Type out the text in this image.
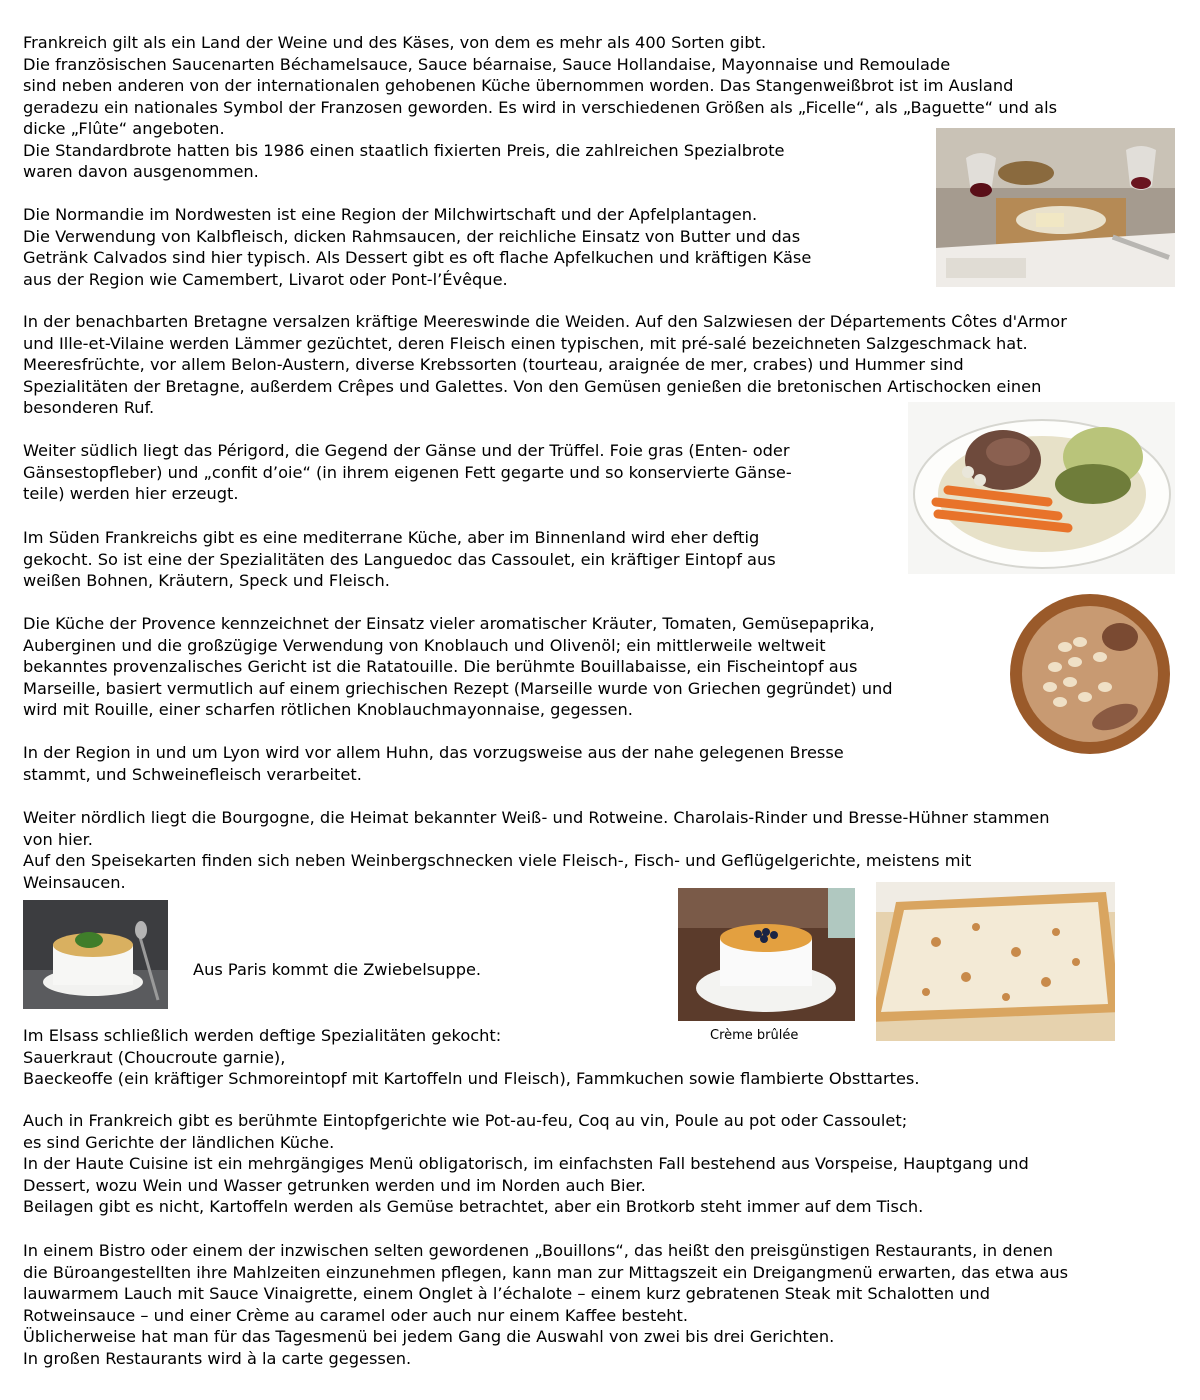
Frankreich gilt als ein Land der Weine und des Käses, von dem es mehr als 400 Sorten gibt.
Die französischen Saucenarten Béchamelsauce, Sauce béarnaise, Sauce Hollandaise, Mayonnaise und Remoulade
sind neben anderen von der internationalen gehobenen Küche übernommen worden. Das Stangenweißbrot ist im Ausland
geradezu ein nationales Symbol der Franzosen geworden. Es wird in verschiedenen Größen als „Ficelle“, als „Baguette“ und als
dicke „Flûte“ angeboten.
Die Standardbrote hatten bis 1986 einen staatlich fixierten Preis, die zahlreichen Spezialbrote
waren davon ausgenommen.
Die Normandie im Nordwesten ist eine Region der Milchwirtschaft und der Apfelplantagen.
Die Verwendung von Kalbfleisch, dicken Rahmsaucen, der reichliche Einsatz von Butter und das
Getränk Calvados sind hier typisch. Als Dessert gibt es oft flache Apfelkuchen und kräftigen Käse
aus der Region wie Camembert, Livarot oder Pont-l’Évêque.
In der benachbarten Bretagne versalzen kräftige Meereswinde die Weiden. Auf den Salzwiesen der Départements Côtes d'Armor
und Ille-et-Vilaine werden Lämmer gezüchtet, deren Fleisch einen typischen, mit pré-salé bezeichneten Salzgeschmack hat.
Meeresfrüchte, vor allem Belon-Austern, diverse Krebssorten (tourteau, araignée de mer, crabes) und Hummer sind
Spezialitäten der Bretagne, außerdem Crêpes und Galettes. Von den Gemüsen genießen die bretonischen Artischocken einen
besonderen Ruf.
Weiter südlich liegt das Périgord, die Gegend der Gänse und der Trüffel. Foie gras (Enten- oder
Gänsestopfleber) und „confit d’oie“ (in ihrem eigenen Fett gegarte und so konservierte Gänse-
teile) werden hier erzeugt.
Im Süden Frankreichs gibt es eine mediterrane Küche, aber im Binnenland wird eher deftig
gekocht. So ist eine der Spezialitäten des Languedoc das Cassoulet, ein kräftiger Eintopf aus
weißen Bohnen, Kräutern, Speck und Fleisch.
Die Küche der Provence kennzeichnet der Einsatz vieler aromatischer Kräuter, Tomaten, Gemüsepaprika,
Auberginen und die großzügige Verwendung von Knoblauch und Olivenöl; ein mittlerweile weltweit
bekanntes provenzalisches Gericht ist die Ratatouille. Die berühmte Bouillabaisse, ein Fischeintopf aus
Marseille, basiert vermutlich auf einem griechischen Rezept (Marseille wurde von Griechen gegründet) und
wird mit Rouille, einer scharfen rötlichen Knoblauchmayonnaise, gegessen.
In der Region in und um Lyon wird vor allem Huhn, das vorzugsweise aus der nahe gelegenen Bresse
stammt, und Schweinefleisch verarbeitet.
Weiter nördlich liegt die Bourgogne, die Heimat bekannter Weiß- und Rotweine. Charolais-Rinder und Bresse-Hühner stammen
von hier.
Auf den Speisekarten finden sich neben Weinbergschnecken viele Fleisch-, Fisch- und Geflügelgerichte, meistens mit
Weinsaucen.
Aus Paris kommt die Zwiebelsuppe.
Crème brûlée
Im Elsass schließlich werden deftige Spezialitäten gekocht:
Sauerkraut (Choucroute garnie),
Baeckeoffe (ein kräftiger Schmoreintopf mit Kartoffeln und Fleisch), Fammkuchen sowie flambierte Obsttartes.
Auch in Frankreich gibt es berühmte Eintopfgerichte wie Pot-au-feu, Coq au vin, Poule au pot oder Cassoulet;
es sind Gerichte der ländlichen Küche.
In der Haute Cuisine ist ein mehrgängiges Menü obligatorisch, im einfachsten Fall bestehend aus Vorspeise, Hauptgang und
Dessert, wozu Wein und Wasser getrunken werden und im Norden auch Bier.
Beilagen gibt es nicht, Kartoffeln werden als Gemüse betrachtet, aber ein Brotkorb steht immer auf dem Tisch.
In einem Bistro oder einem der inzwischen selten gewordenen „Bouillons“, das heißt den preisgünstigen Restaurants, in denen
die Büroangestellten ihre Mahlzeiten einzunehmen pflegen, kann man zur Mittagszeit ein Dreigangmenü erwarten, das etwa aus
lauwarmem Lauch mit Sauce Vinaigrette, einem Onglet à l’échalote – einem kurz gebratenen Steak mit Schalotten und
Rotweinsauce – und einer Crème au caramel oder auch nur einem Kaffee besteht.
Üblicherweise hat man für das Tagesmenü bei jedem Gang die Auswahl von zwei bis drei Gerichten.
In großen Restaurants wird à la carte gegessen.
